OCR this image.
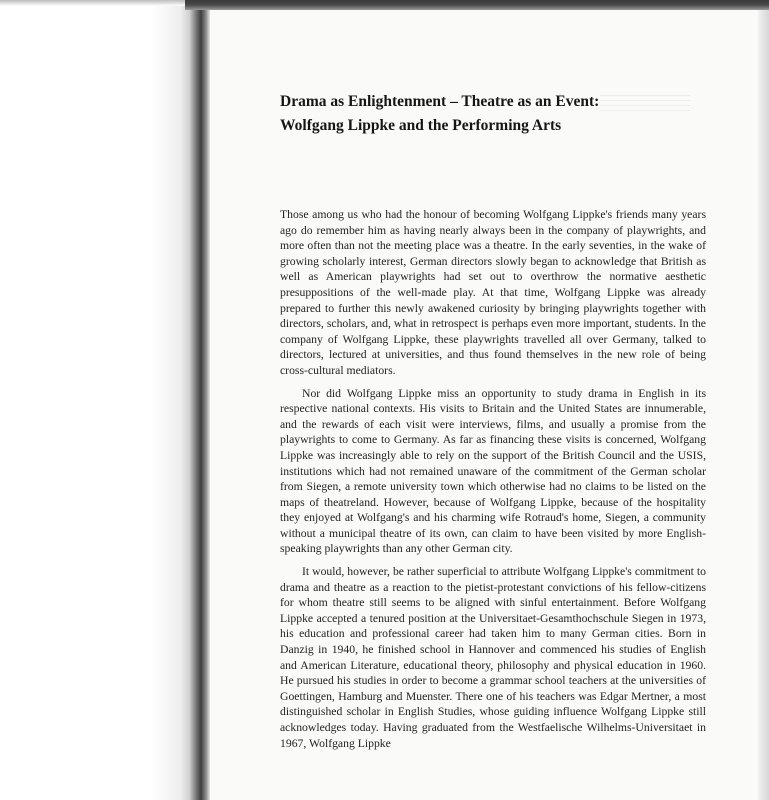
Drama as Enlightenment – Theatre as an Event:
Wolfgang Lippke and the Performing Arts

Those among us who had the honour of becoming Wolfgang Lippke's friends many years ago do remember him as having nearly always been in the company of playwrights, and more often than not the meeting place was a theatre. In the early seventies, in the wake of growing scholarly interest, German directors slowly began to acknowledge that British as well as American playwrights had set out to overthrow the normative aesthetic presuppositions of the well-made play. At that time, Wolfgang Lippke was already prepared to further this newly awakened curiosity by bringing playwrights together with directors, scholars, and, what in retrospect is perhaps even more important, students. In the company of Wolfgang Lippke, these playwrights travelled all over Germany, talked to directors, lectured at universities, and thus found themselves in the new role of being cross-cultural mediators.

Nor did Wolfgang Lippke miss an opportunity to study drama in English in its respective national contexts. His visits to Britain and the United States are innumerable, and the rewards of each visit were interviews, films, and usually a promise from the playwrights to come to Germany. As far as financing these visits is concerned, Wolfgang Lippke was increasingly able to rely on the support of the British Council and the USIS, institutions which had not remained unaware of the commitment of the German scholar from Siegen, a remote university town which otherwise had no claims to be listed on the maps of theatreland. However, because of Wolfgang Lippke, because of the hospitality they enjoyed at Wolfgang's and his charming wife Rotraud's home, Siegen, a community without a municipal theatre of its own, can claim to have been visited by more English-speaking playwrights than any other German city.

It would, however, be rather superficial to attribute Wolfgang Lippke's commitment to drama and theatre as a reaction to the pietist-protestant convictions of his fellow-citizens for whom theatre still seems to be aligned with sinful entertainment. Before Wolfgang Lippke accepted a tenured position at the Universitaet-Gesamthochschule Siegen in 1973, his education and professional career had taken him to many German cities. Born in Danzig in 1940, he finished school in Hannover and commenced his studies of English and American Literature, educational theory, philosophy and physical education in 1960. He pursued his studies in order to become a grammar school teachers at the universities of Goettingen, Hamburg and Muenster. There one of his teachers was Edgar Mertner, a most distinguished scholar in English Studies, whose guiding influence Wolfgang Lippke still acknowledges today. Having graduated from the Westfaelische Wilhelms-Universitaet in 1967, Wolfgang Lippke
